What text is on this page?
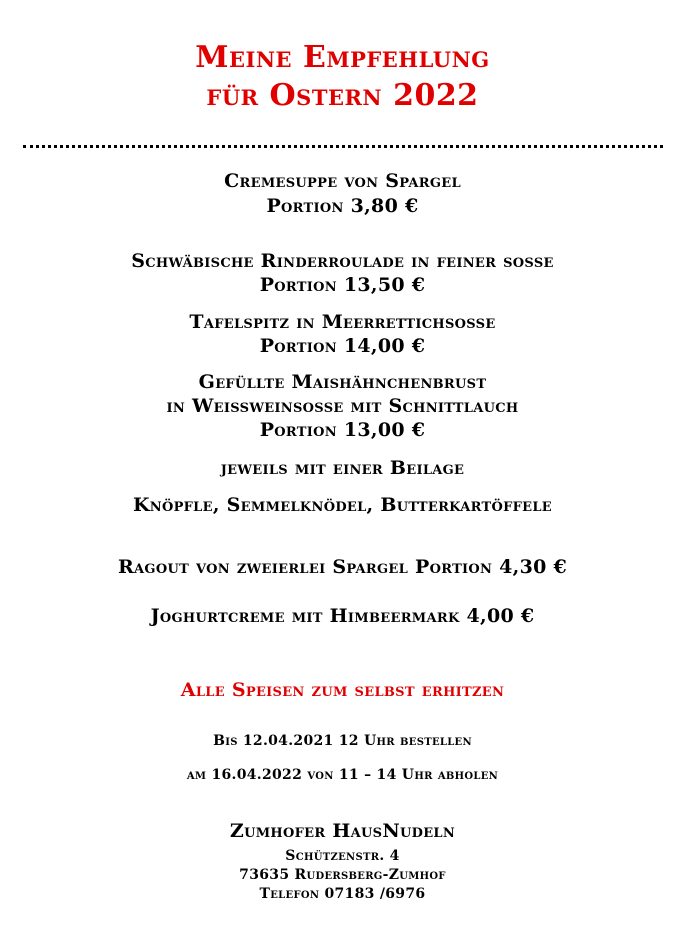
Meine Empfehlung
für Ostern 2022
Cremesuppe von Spargel
Portion 3,80 €
Schwäbische Rinderroulade in feiner sosse
Portion 13,50 €
Tafelspitz in Meerrettichsosse
Portion 14,00 €
Gefüllte Maishähnchenbrust
in Weissweinsosse mit Schnittlauch
Portion 13,00 €
jeweils mit einer Beilage
Knöpfle, Semmelknödel, Butterkartöffele
Ragout von zweierlei Spargel Portion 4,30 €
Joghurtcreme mit Himbeermark 4,00 €
Alle Speisen zum selbst erhitzen
Bis 12.04.2021 12 Uhr bestellen
am 16.04.2022 von 11 – 14 Uhr abholen
Zumhofer HausNudeln
Schützenstr. 4
73635 Rudersberg-Zumhof
Telefon 07183 /6976
